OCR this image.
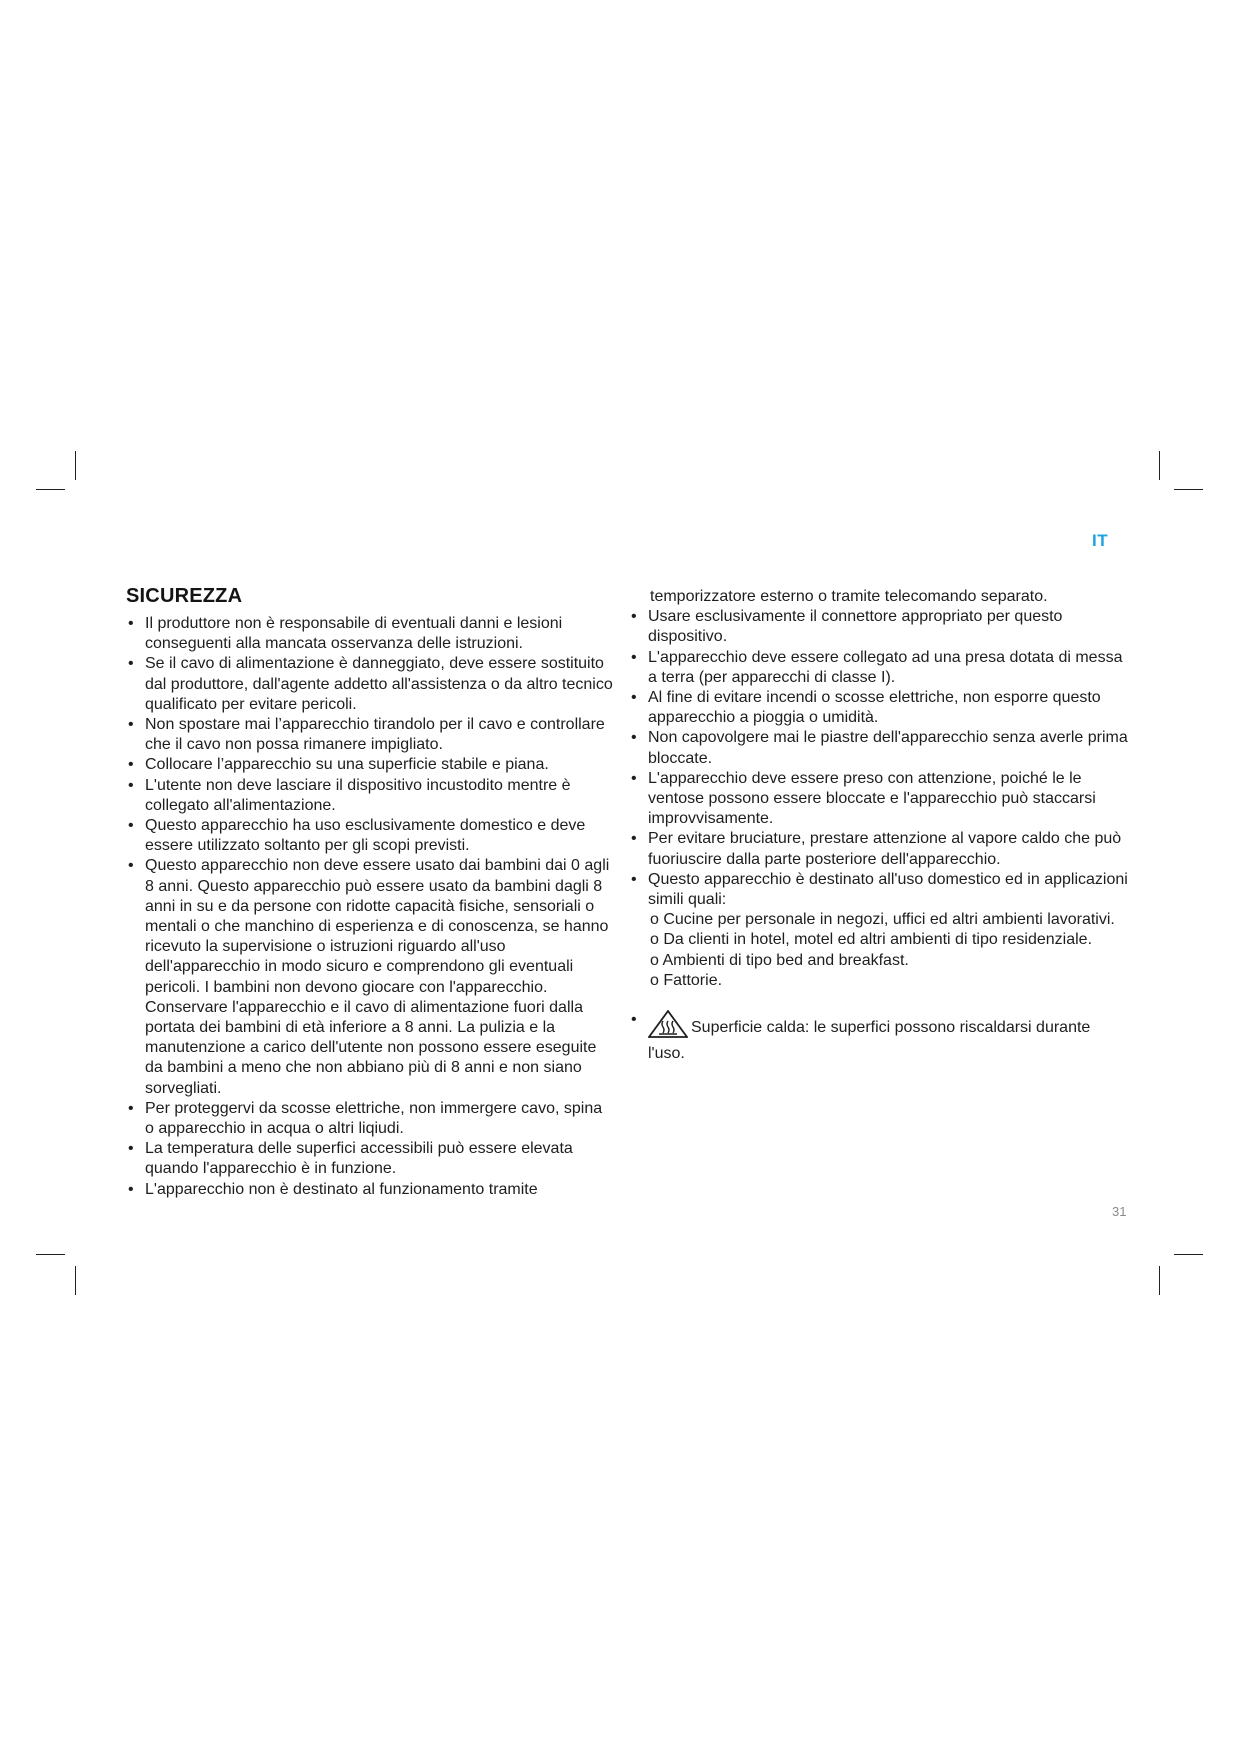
IT
SICUREZZA

• Il produttore non è responsabile di eventuali danni e lesioni conseguenti alla mancata osservanza delle istruzioni.

• Se il cavo di alimentazione è danneggiato, deve essere sostituito dal produttore, dall'agente addetto all'assistenza o da altro tecnico qualificato per evitare pericoli.

• Non spostare mai l’apparecchio tirandolo per il cavo e controllare che il cavo non possa rimanere impigliato.

• Collocare l’apparecchio su una superficie stabile e piana.

• L'utente non deve lasciare il dispositivo incustodito mentre è collegato all'alimentazione.

• Questo apparecchio ha uso esclusivamente domestico e deve essere utilizzato soltanto per gli scopi previsti.

• Questo apparecchio non deve essere usato dai bambini dai 0 agli 8 anni. Questo apparecchio può essere usato da bambini dagli 8 anni in su e da persone con ridotte capacità fisiche, sensoriali o mentali o che manchino di esperienza e di conoscenza, se hanno ricevuto la supervisione o istruzioni riguardo all'uso dell'apparecchio in modo sicuro e comprendono gli eventuali pericoli. I bambini non devono giocare con l'apparecchio. Conservare l'apparecchio e il cavo di alimentazione fuori dalla portata dei bambini di età inferiore a 8 anni. La pulizia e la manutenzione a carico dell'utente non possono essere eseguite da bambini a meno che non abbiano più di 8 anni e non siano sorvegliati.

• Per proteggervi da scosse elettriche, non immergere cavo, spina o apparecchio in acqua o altri liqiudi.

• La temperatura delle superfici accessibili può essere elevata quando l'apparecchio è in funzione.

• L'apparecchio non è destinato al funzionamento tramite

temporizzatore esterno o tramite telecomando separato.

• Usare esclusivamente il connettore appropriato per questo dispositivo.

• L'apparecchio deve essere collegato ad una presa dotata di messa a terra (per apparecchi di classe I).

• Al fine di evitare incendi o scosse elettriche, non esporre questo apparecchio a pioggia o umidità.

• Non capovolgere mai le piastre dell'apparecchio senza averle prima bloccate.

• L'apparecchio deve essere preso con attenzione, poiché le le ventose possono essere bloccate e l'apparecchio può staccarsi improvvisamente.

• Per evitare bruciature, prestare attenzione al vapore caldo che può fuoriuscire dalla parte posteriore dell'apparecchio.

• Questo apparecchio è destinato all'uso domestico ed in applicazioni simili quali:

o Cucine per personale in negozi, uffici ed altri ambienti lavorativi.

o Da clienti in hotel, motel ed altri ambienti di tipo residenziale.

o Ambienti di tipo bed and breakfast.

o Fattorie.

• Superficie calda: le superfici possono riscaldarsi durante l'uso.

31
